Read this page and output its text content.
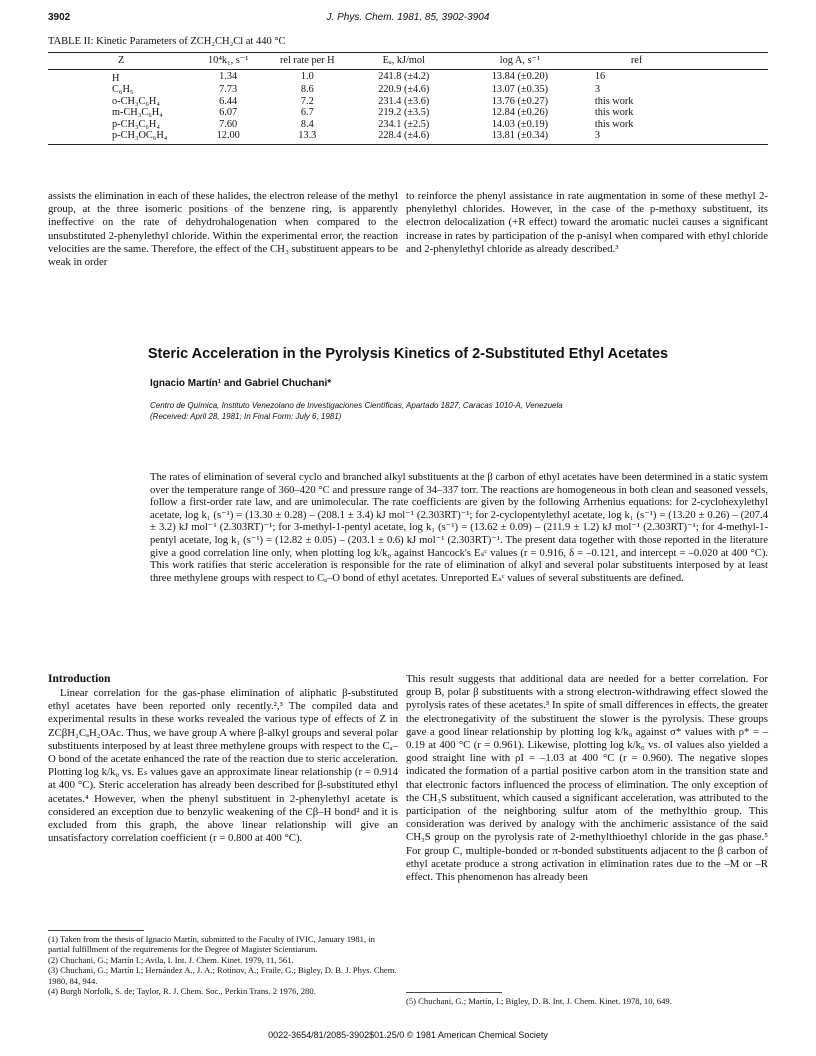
3902	J. Phys. Chem. 1981, 85, 3902-3904
TABLE II: Kinetic Parameters of ZCH₂CH₂Cl at 440 °C
Z	10⁴k₁, s⁻¹	rel rate per H	Eₐ, kJ/mol	log A, s⁻¹	ref
H	1.34	1.0	241.8 (±4.2)	13.84 (±0.20)	16
C₆H₅	7.73	8.6	220.9 (±4.6)	13.07 (±0.35)	3
o-CH₃C₆H₄	6.44	7.2	231.4 (±3.6)	13.76 (±0.27)	this work
m-CH₃C₆H₄	6.07	6.7	219.2 (±3.5)	12.84 (±0.26)	this work
p-CH₃C₆H₄	7.60	8.4	234.1 (±2.5)	14.03 (±0.19)	this work
p-CH₃OC₆H₄	12.00	13.3	228.4 (±4.6)	13.81 (±0.34)	3
assists the elimination in each of these halides, the electron release of the methyl group, at the three isomeric positions of the benzene ring, is apparently ineffective on the rate of dehydrohalogenation when compared to the unsubstituted 2-phenylethyl chloride. Within the experimental error, the reaction velocities are the same. Therefore, the effect of the CH₃ substituent appears to be weak in order
to reinforce the phenyl assistance in rate augmentation in some of these methyl 2-phenylethyl chlorides. However, in the case of the p-methoxy substituent, its electron delocalization (+R effect) toward the aromatic nuclei causes a significant increase in rates by participation of the p-anisyl when compared with ethyl chloride and 2-phenylethyl chloride as already described.³
Steric Acceleration in the Pyrolysis Kinetics of 2-Substituted Ethyl Acetates
Ignacio Martín¹ and Gabriel Chuchani*
Centro de Química, Instituto Venezolano de Investigaciones Científicas, Apartado 1827, Caracas 1010-A, Venezuela
(Received: April 28, 1981; In Final Form: July 6, 1981)
The rates of elimination of several cyclo and branched alkyl substituents at the β carbon of ethyl acetates have been determined in a static system over the temperature range of 360–420 °C and pressure range of 34–337 torr. The reactions are homogeneous in both clean and seasoned vessels, follow a first-order rate law, and are unimolecular. The rate coefficients are given by the following Arrhenius equations: for 2-cyclohexylethyl acetate, log k₁ (s⁻¹) = (13.30 ± 0.28) – (208.1 ± 3.4) kJ mol⁻¹ (2.303RT)⁻¹; for 2-cyclopentylethyl acetate, log k₁ (s⁻¹) = (13.20 ± 0.26) – (207.4 ± 3.2) kJ mol⁻¹ (2.303RT)⁻¹; for 3-methyl-1-pentyl acetate, log k₁ (s⁻¹) = (13.62 ± 0.09) – (211.9 ± 1.2) kJ mol⁻¹ (2.303RT)⁻¹; for 4-methyl-1-pentyl acetate, log k₁ (s⁻¹) = (12.82 ± 0.05) – (203.1 ± 0.6) kJ mol⁻¹ (2.303RT)⁻¹. The present data together with those reported in the literature give a good correlation line only, when plotting log k/k₀ against Hancock's Eₛᶜ values (r = 0.916, δ = –0.121, and intercept = –0.020 at 400 °C). This work ratifies that steric acceleration is responsible for the rate of elimination of alkyl and several polar substituents interposed by at least three methylene groups with respect to Cₐ–O bond of ethyl acetates. Unreported Eₛᶜ values of several substituents are defined.
Introduction

Linear correlation for the gas-phase elimination of aliphatic β-substituted ethyl acetates have been reported only recently.²,³ The compiled data and experimental results in these works revealed the various type of effects of Z in ZCβH₂CₐH₂OAc. Thus, we have group A where β-alkyl groups and several polar substituents interposed by at least three methylene groups with respect to the Cₐ–O bond of the acetate enhanced the rate of the reaction due to steric acceleration. Plotting log k/k₀ vs. Eₛ values gave an approximate linear relationship (r = 0.914 at 400 °C). Steric acceleration has already been described for β-substituted ethyl acetates.⁴ However, when the phenyl substituent in 2-phenylethyl acetate is considered an exception due to benzylic weakening of the Cβ–H bond² and it is excluded from this graph, the above linear relationship will give an unsatisfactory correlation coefficient (r = 0.800 at 400 °C).

(1) Taken from the thesis of Ignacio Martín, submitted to the Faculty of IVIC, January 1981, in partial fulfillment of the requirements for the Degree of Magister Scientiarum.
(2) Chuchani, G.; Martín I.; Avila, I. Int. J. Chem. Kinet. 1979, 11, 561.
(3) Chuchani, G.; Martín I.; Hernández A., J. A.; Rotinov, A.; Fraile, G.; Bigley, D. B. J. Phys. Chem. 1980, 84, 944.
(4) Burgh Norfolk, S. de; Taylor, R. J. Chem. Soc., Perkin Trans. 2 1976, 280.
This result suggests that additional data are needed for a better correlation. For group B, polar β substituents with a strong electron-withdrawing effect slowed the pyrolysis rates of these acetates.³ In spite of small differences in effects, the greater the electronegativity of the substituent the slower is the pyrolysis. These groups gave a good linear relationship by plotting log k/k₀ against σ* values with ρ* = –0.19 at 400 °C (r = 0.961). Likewise, plotting log k/k₀ vs. σI values also yielded a good straight line with ρI = –1.03 at 400 °C (r = 0.960). The negative slopes indicated the formation of a partial positive carbon atom in the transition state and that electronic factors influenced the process of elimination. The only exception of the CH₃S substituent, which caused a significant acceleration, was attributed to the participation of the neighboring sulfur atom of the methylthio group. This consideration was derived by analogy with the anchimeric assistance of the said CH₃S group on the pyrolysis rate of 2-methylthioethyl chloride in the gas phase.⁵ For group C, multiple-bonded or π-bonded substituents adjacent to the β carbon of ethyl acetate produce a strong activation in elimination rates due to the –M or –R effect. This phenomenon has already been
(5) Chuchani, G.; Martín, I.; Bigley, D. B. Int. J. Chem. Kinet. 1978, 10, 649.
0022-3654/81/2085-3902$01.25/0 © 1981 American Chemical Society
